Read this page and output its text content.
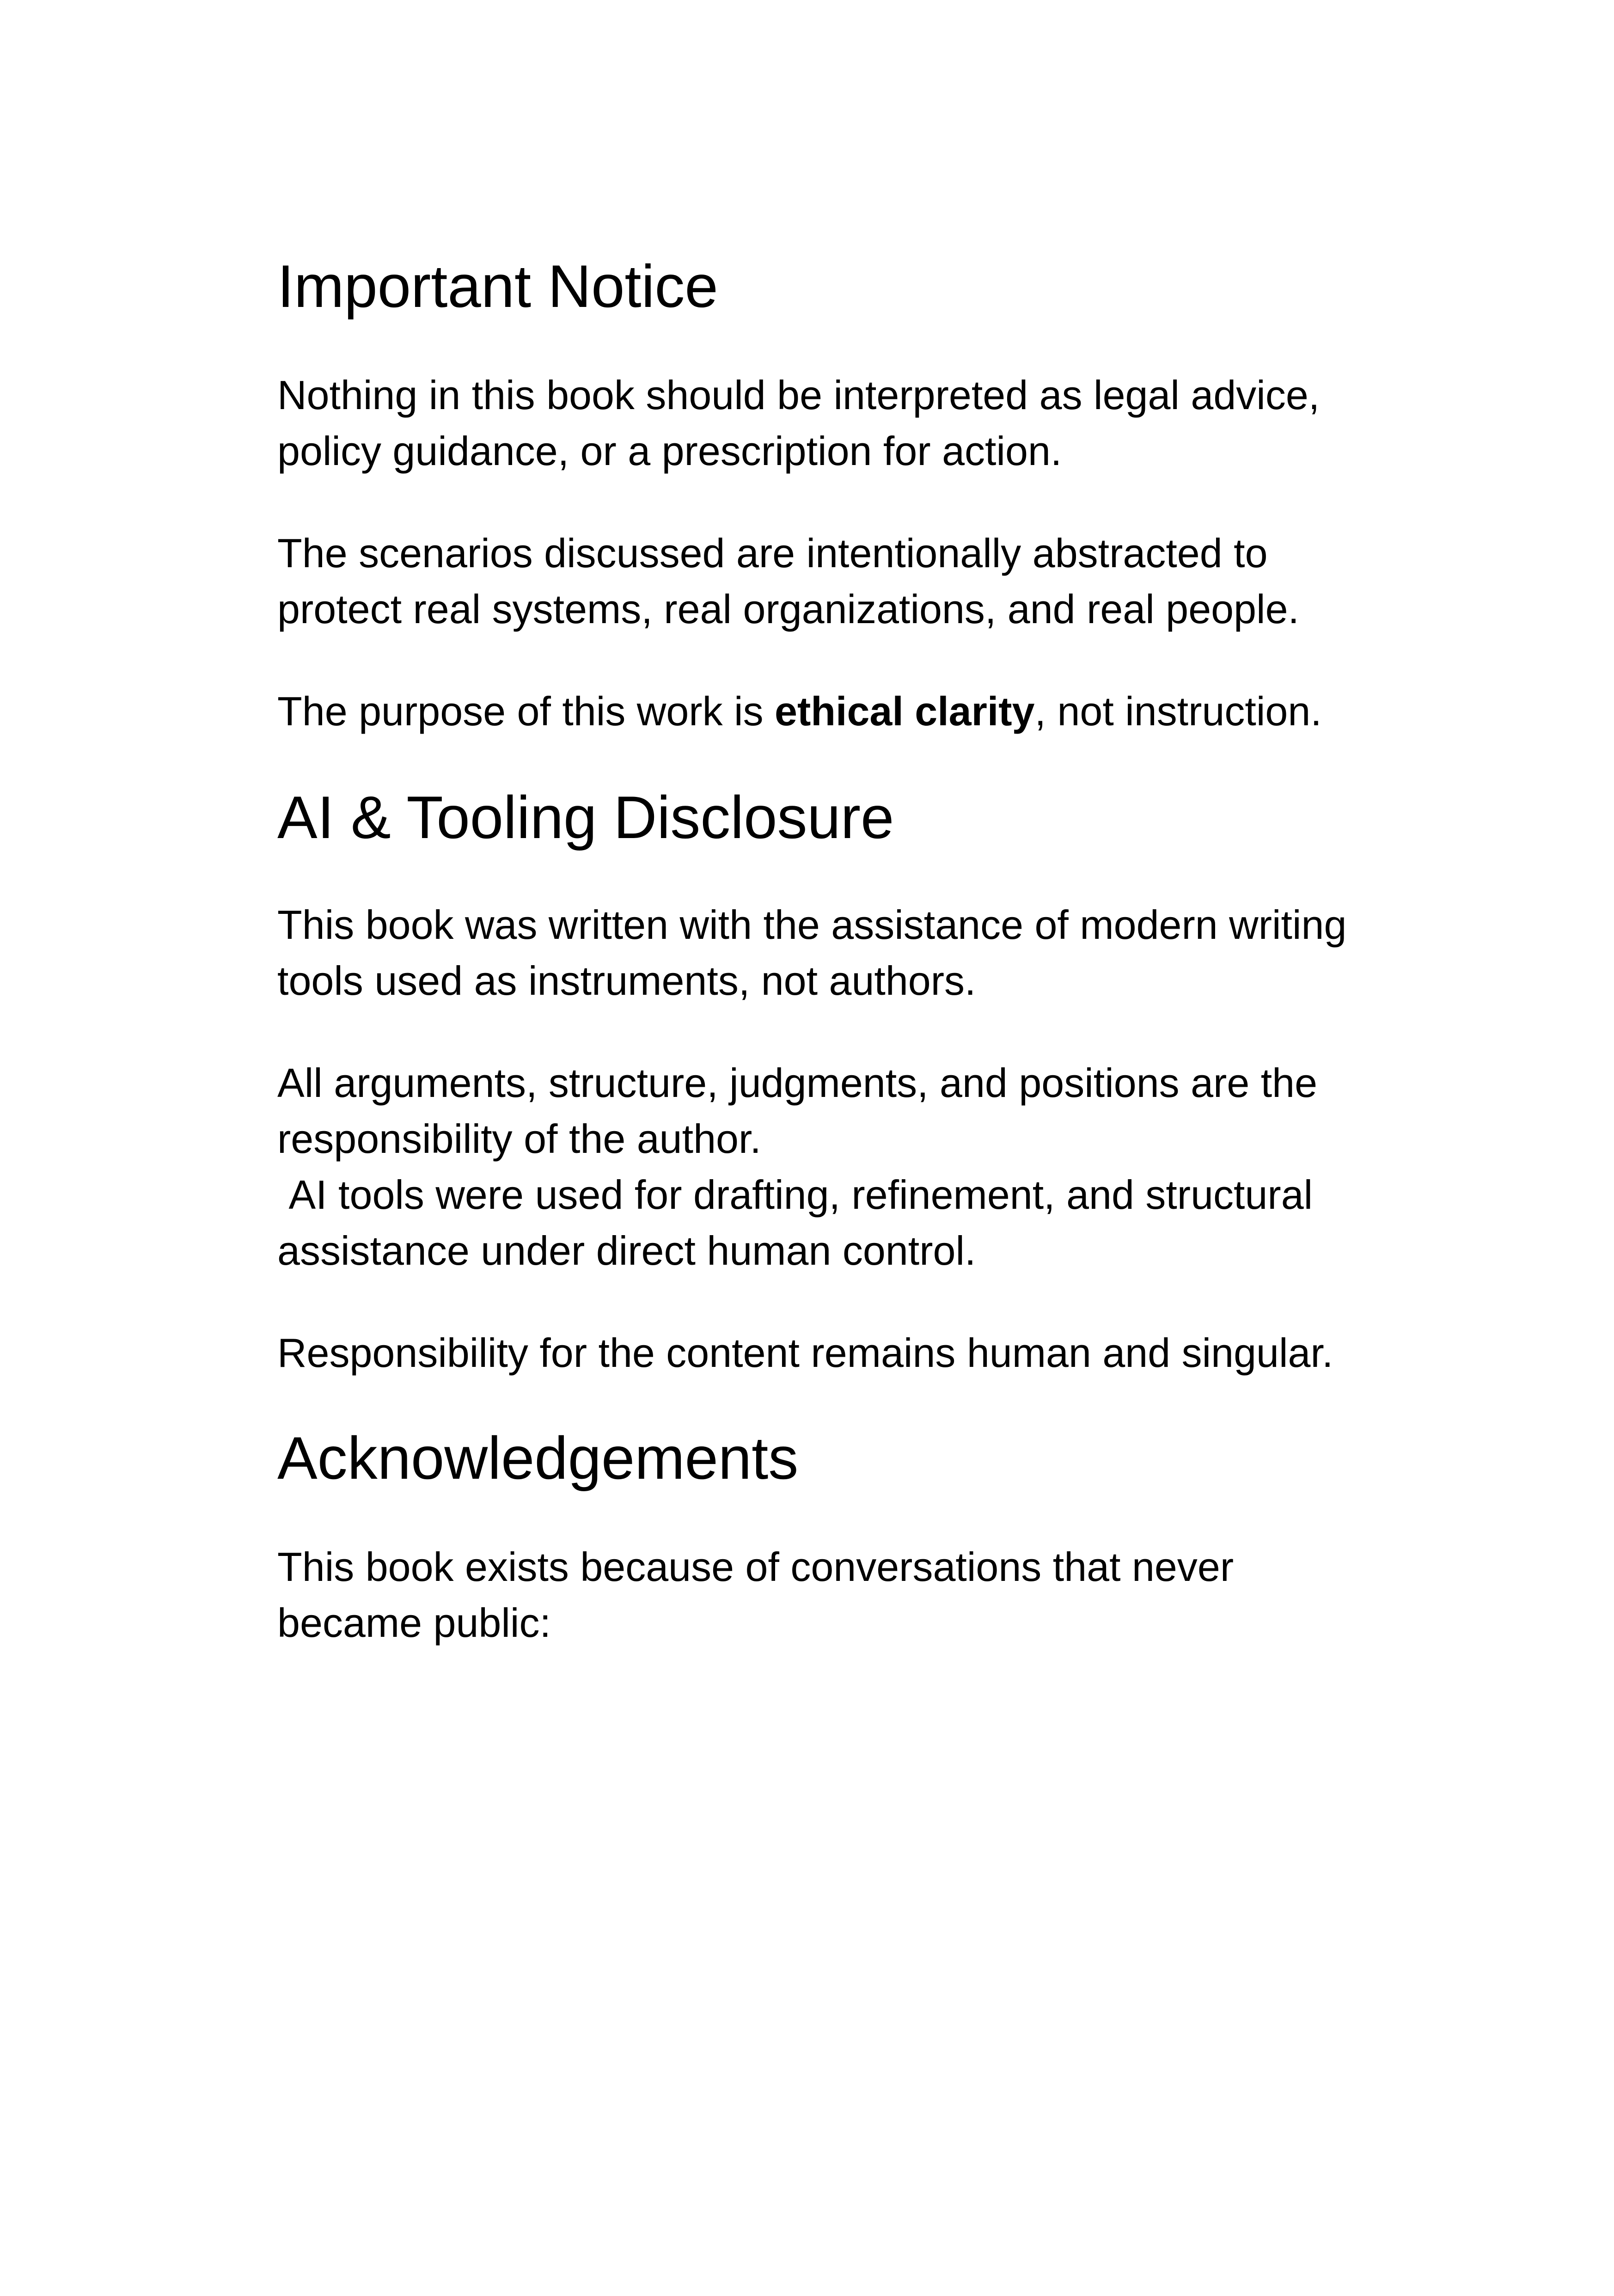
Important Notice

Nothing in this book should be interpreted as legal advice, policy guidance, or a prescription for action.

The scenarios discussed are intentionally abstracted to protect real systems, real organizations, and real people.

The purpose of this work is ethical clarity, not instruction.

AI & Tooling Disclosure

This book was written with the assistance of modern writing tools used as instruments, not authors.

All arguments, structure, judgments, and positions are the responsibility of the author.
AI tools were used for drafting, refinement, and structural assistance under direct human control.

Responsibility for the content remains human and singular.

Acknowledgements

This book exists because of conversations that never became public:
